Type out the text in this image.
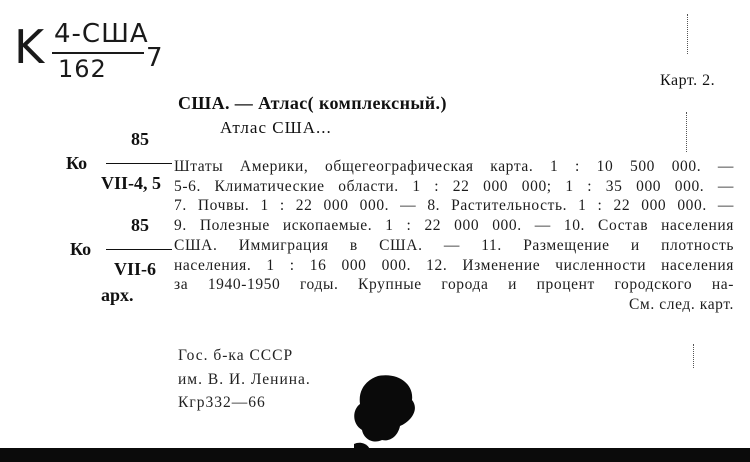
K 4-США
162 7
Карт. 2.
США. — Атлас( комплексный.)
Атлас США...
85
Ко
VII-4, 5
85
Ко
VII-6
арх.
Штаты Америки, общегеографическая карта. 1 : 10 500 000. —
5-6. Климатические области. 1 : 22 000 000; 1 : 35 000 000. —
7. Почвы. 1 : 22 000 000. — 8. Растительность. 1 : 22 000 000. —
9. Полезные ископаемые. 1 : 22 000 000. — 10. Состав населения
США. Иммиграция в США. — 11. Размещение и плотность
населения. 1 : 16 000 000. 12. Изменение численности населения
за 1940-1950 годы. Крупные города и процент городского на-
См. след. карт.
Гос. б-ка СССР
им. В. И. Ленина.
Кгр332—66
